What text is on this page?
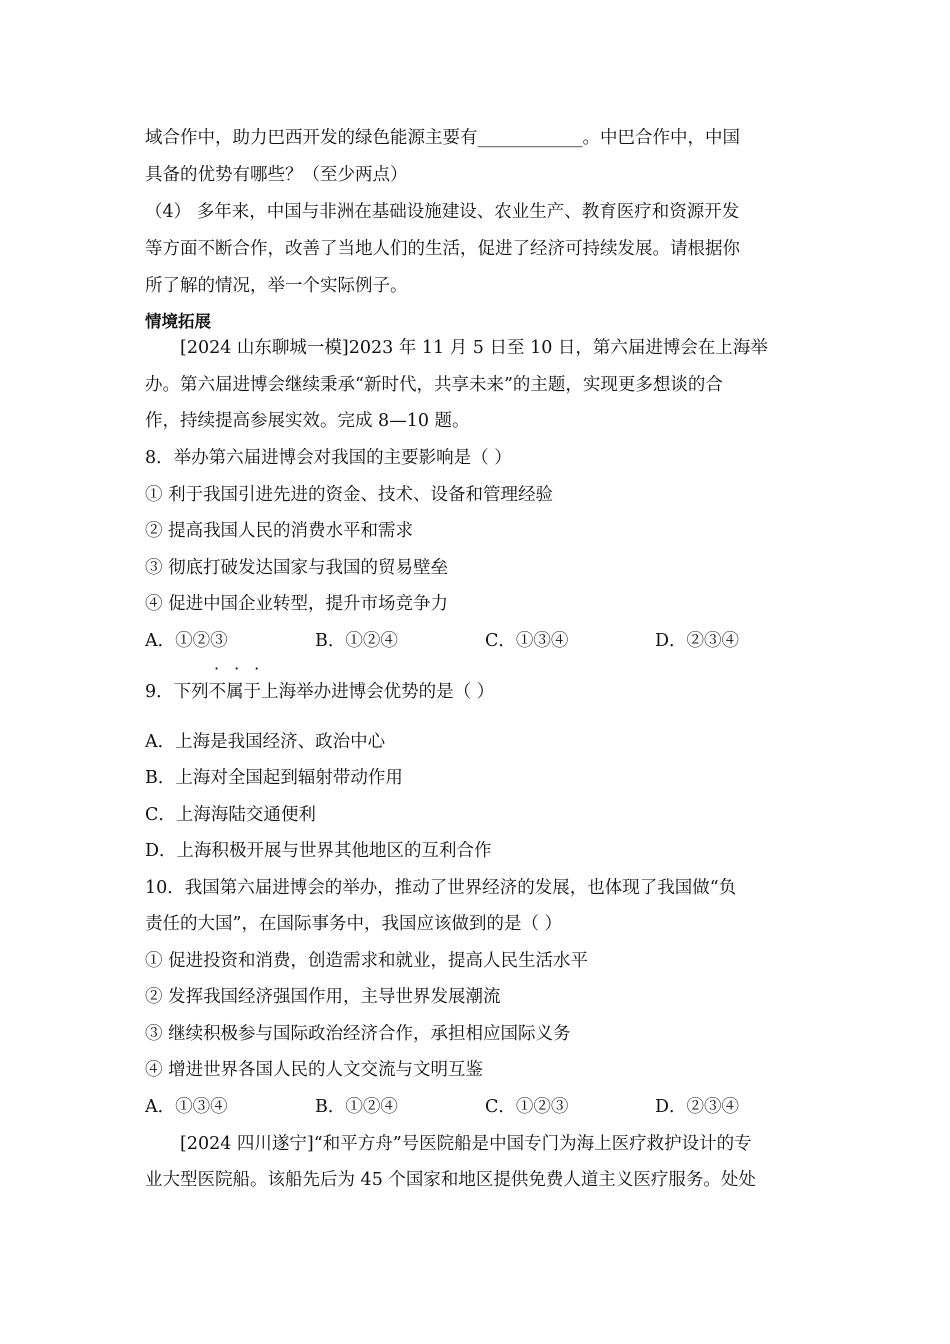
域合作中，助力巴西开发的绿色能源主要有____________。中巴合作中，中国
具备的优势有哪些？（至少两点）
（4） 多年来，中国与非洲在基础设施建设、农业生产、教育医疗和资源开发
等方面不断合作，改善了当地人们的生活，促进了经济可持续发展。请根据你
所了解的情况，举一个实际例子。
情境拓展
[2024 山东聊城一模]2023 年 11 月 5 日至 10 日，第六届进博会在上海举
办。第六届进博会继续秉承“新时代，共享未来”的主题，实现更多想谈的合
作，持续提高参展实效。完成 8—10 题。
8．举办第六届进博会对我国的主要影响是（ ）
① 利于我国引进先进的资金、技术、设备和管理经验
② 提高我国人民的消费水平和需求
③ 彻底打破发达国家与我国的贸易壁垒
④ 促进中国企业转型，提升市场竞争力
A．①②③	B．①②④	C．①③④	D．②③④
···
9．下列不属于上海举办进博会优势的是（ ）
A．上海是我国经济、政治中心
B．上海对全国起到辐射带动作用
C．上海海陆交通便利
D．上海积极开展与世界其他地区的互利合作
10．我国第六届进博会的举办，推动了世界经济的发展，也体现了我国做“负
责任的大国”，在国际事务中，我国应该做到的是（ ）
① 促进投资和消费，创造需求和就业，提高人民生活水平
② 发挥我国经济强国作用，主导世界发展潮流
③ 继续积极参与国际政治经济合作，承担相应国际义务
④ 增进世界各国人民的人文交流与文明互鉴
A．①③④	B．①②④	C．①②③	D．②③④
[2024 四川遂宁]“和平方舟”号医院船是中国专门为海上医疗救护设计的专
业大型医院船。该船先后为 45 个国家和地区提供免费人道主义医疗服务。处处
